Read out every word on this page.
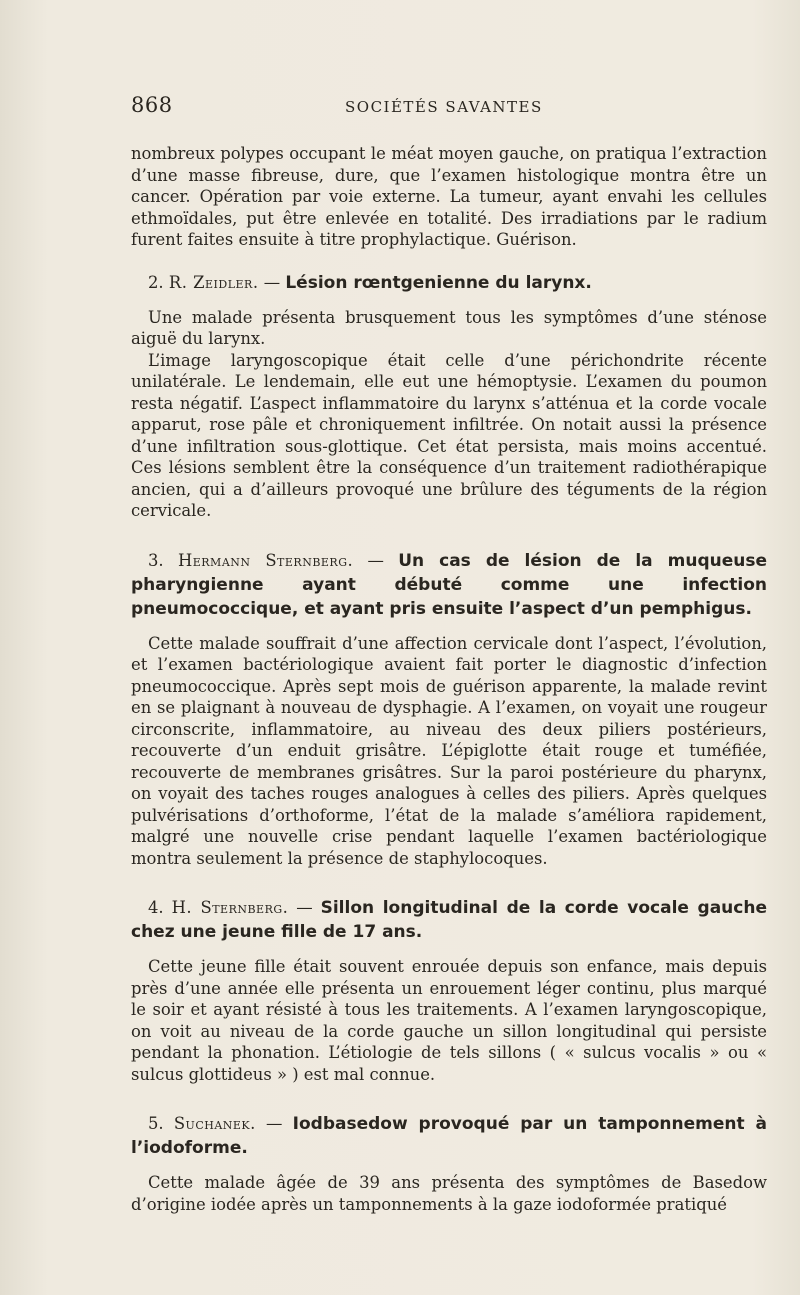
868	SOCIÉTÉS SAVANTES

nombreux polypes occupant le méat moyen gauche, on pratiqua l’extraction d’une masse fibreuse, dure, que l’examen histologique montra être un cancer. Opération par voie externe. La tumeur, ayant envahi les cellules ethmoïdales, put être enlevée en totalité. Des irradiations par le radium furent faites ensuite à titre prophylactique. Guérison.

2. R. Zeidler. — Lésion rœntgenienne du larynx.

Une malade présenta brusquement tous les symptômes d’une sténose aiguë du larynx.

L’image laryngoscopique était celle d’une périchondrite récente unilatérale. Le lendemain, elle eut une hémoptysie. L’examen du poumon resta négatif. L’aspect inflammatoire du larynx s’atténua et la corde vocale apparut, rose pâle et chroniquement infiltrée. On notait aussi la présence d’une infiltration sous-glottique. Cet état persista, mais moins accentué. Ces lésions semblent être la conséquence d’un traitement radiothérapique ancien, qui a d’ailleurs provoqué une brûlure des téguments de la région cervicale.

3. Hermann Sternberg. — Un cas de lésion de la muqueuse pharyngienne ayant débuté comme une infection pneumococcique, et ayant pris ensuite l’aspect d’un pemphigus.

Cette malade souffrait d’une affection cervicale dont l’aspect, l’évolution, et l’examen bactériologique avaient fait porter le diagnostic d’infection pneumococcique. Après sept mois de guérison apparente, la malade revint en se plaignant à nouveau de dysphagie. A l’examen, on voyait une rougeur circonscrite, inflammatoire, au niveau des deux piliers postérieurs, recouverte d’un enduit grisâtre. L’épiglotte était rouge et tuméfiée, recouverte de membranes grisâtres. Sur la paroi postérieure du pharynx, on voyait des taches rouges analogues à celles des piliers. Après quelques pulvérisations d’orthoforme, l’état de la malade s’améliora rapidement, malgré une nouvelle crise pendant laquelle l’examen bactériologique montra seulement la présence de staphylocoques.

4. H. Sternberg. — Sillon longitudinal de la corde vocale gauche chez une jeune fille de 17 ans.

Cette jeune fille était souvent enrouée depuis son enfance, mais depuis près d’une année elle présenta un enrouement léger continu, plus marqué le soir et ayant résisté à tous les traitements. A l’examen laryngoscopique, on voit au niveau de la corde gauche un sillon longitudinal qui persiste pendant la phonation. L’étiologie de tels sillons ( « sulcus vocalis » ou « sulcus glottideus » ) est mal connue.

5. Suchanek. — Iodbasedow provoqué par un tamponnement à l’iodoforme.

Cette malade âgée de 39 ans présenta des symptômes de Basedow d’origine iodée après un tamponnements à la gaze iodoformée pratiqué
